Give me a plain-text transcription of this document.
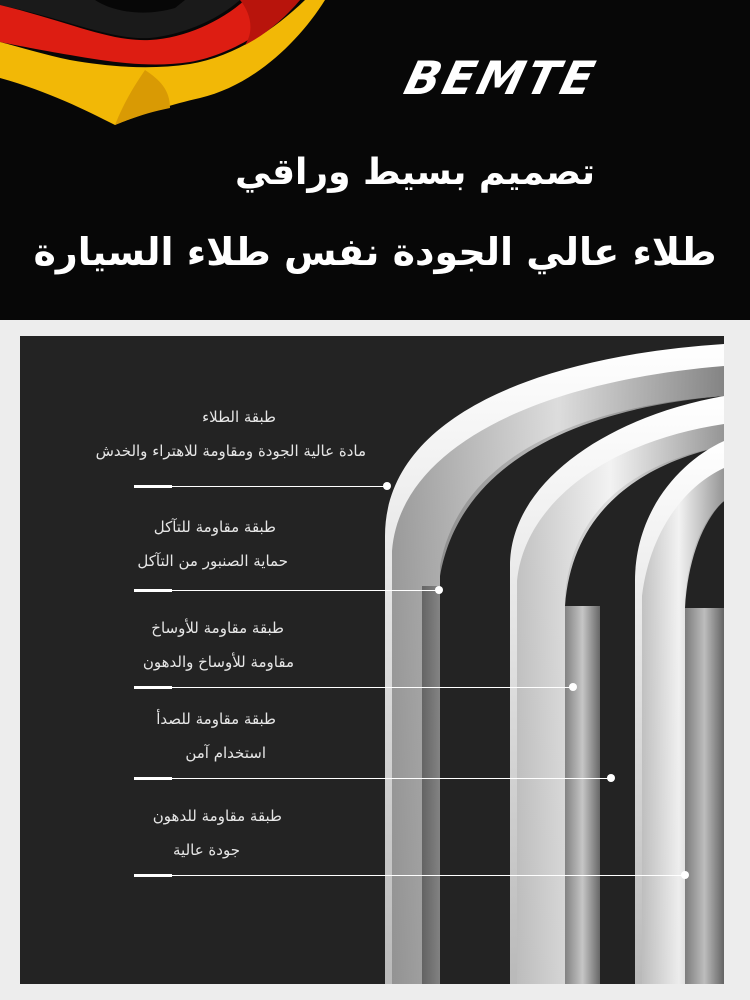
BEMTE
تصميم بسيط وراقي
طلاء عالي الجودة نفس طلاء السيارة
طبقة الطلاء
مادة عالية الجودة ومقاومة للاهتراء والخدش
طبقة مقاومة للتآكل
حماية الصنبور من التآكل
طبقة مقاومة للأوساخ
مقاومة للأوساخ والدهون
طبقة مقاومة للصدأ
استخدام آمن
طبقة مقاومة للدهون
جودة عالية
